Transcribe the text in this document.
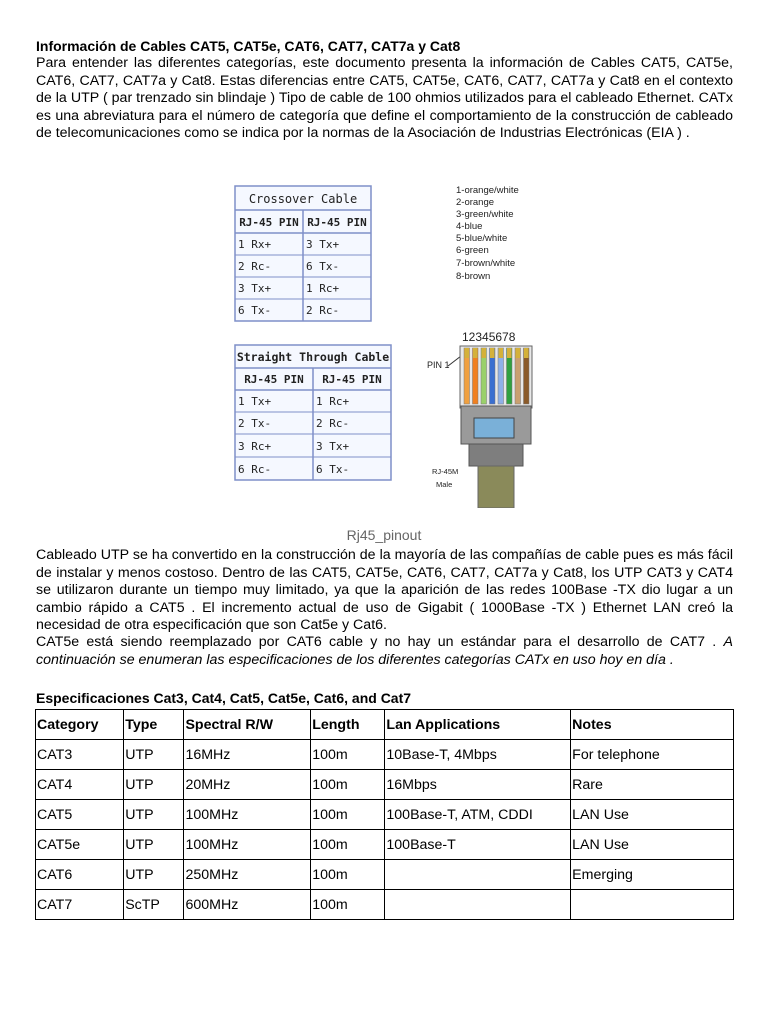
Información de Cables CAT5, CAT5e, CAT6, CAT7, CAT7a y Cat8

Para entender las diferentes categorías, este documento presenta la información de Cables CAT5, CAT5e, CAT6, CAT7, CAT7a y Cat8. Estas diferencias entre CAT5, CAT5e, CAT6, CAT7, CAT7a y Cat8 en el contexto de la UTP ( par trenzado sin blindaje ) Tipo de cable de 100 ohmios utilizados para el cableado Ethernet. CATx es una abreviatura para el número de categoría que define el comportamiento de la construcción de cableado de telecomunicaciones como se indica por la normas de la Asociación de Industrias Electrónicas (EIA ) .

Crossover Cable
RJ-45 PIN RJ-45 PIN
1 Rx+	3 Tx+
2 Rc-	6 Tx-
3 Tx+	1 Rc+
6 Tx-	2 Rc-
Straight Through Cable
RJ-45 PIN RJ-45 PIN
1 Tx+	1 Rc+
2 Tx-	2 Rc-
3 Rc+	3 Tx+
6 Rc-	6 Tx-
1-orange/white
2-orange
3-green/white
4-blue
5-blue/white
6-green
7-brown/white
8-brown
12345678
PIN 1
RJ-45M
Male
Rj45_pinout

Cableado UTP se ha convertido en la construcción de la mayoría de las compañías de cable pues es más fácil de instalar y menos costoso. Dentro de las CAT5, CAT5e, CAT6, CAT7, CAT7a y Cat8, los UTP CAT3 y CAT4 se utilizaron durante un tiempo muy limitado, ya que la aparición de las redes 100Base -TX dio lugar a un cambio rápido a CAT5 . El incremento actual de uso de Gigabit ( 1000Base -TX ) Ethernet LAN creó la necesidad de otra especificación que son Cat5e y Cat6.

CAT5e está siendo reemplazado por CAT6 cable y no hay un estándar para el desarrollo de CAT7 . A continuación se enumeran las especificaciones de los diferentes categorías CATx en uso hoy en día .

Especificaciones Cat3, Cat4, Cat5, Cat5e, Cat6, and Cat7
Category	Type	Spectral R/W	Length	Lan Applications	Notes
CAT3	UTP	16MHz	100m	10Base-T, 4Mbps	For telephone
CAT4	UTP	20MHz	100m	16Mbps	Rare
CAT5	UTP	100MHz	100m	100Base-T, ATM, CDDI	LAN Use
CAT5e	UTP	100MHz	100m	100Base-T	LAN Use
CAT6	UTP	250MHz	100m		Emerging
CAT7	ScTP	600MHz	100m		
